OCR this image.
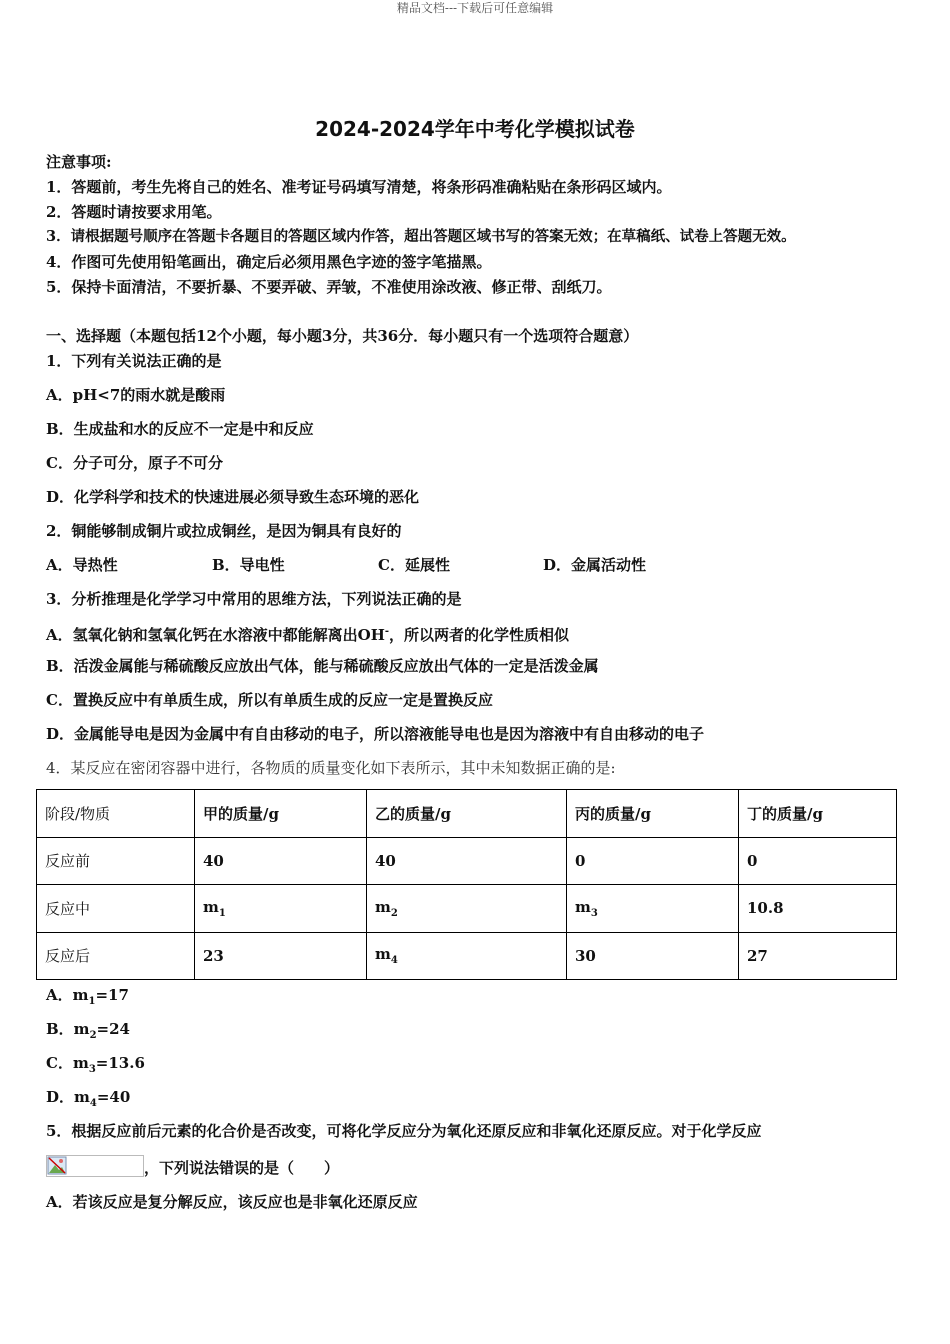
精品文档---下载后可任意编辑
2024-2024学年中考化学模拟试卷
注意事项:
1．答题前，考生先将自己的姓名、准考证号码填写清楚，将条形码准确粘贴在条形码区域内。
2．答题时请按要求用笔。
3．请根据题号顺序在答题卡各题目的答题区域内作答，超出答题区域书写的答案无效；在草稿纸、试卷上答题无效。
4．作图可先使用铅笔画出，确定后必须用黑色字迹的签字笔描黑。
5．保持卡面清洁，不要折暴、不要弄破、弄皱，不准使用涂改液、修正带、刮纸刀。
一、选择题（本题包括12个小题，每小题3分，共36分．每小题只有一个选项符合题意）
1．下列有关说法正确的是
A．pH<7的雨水就是酸雨
B．生成盐和水的反应不一定是中和反应
C．分子可分，原子不可分
D．化学科学和技术的快速进展必须导致生态环境的恶化
2．铜能够制成铜片或拉成铜丝，是因为铜具有良好的
A．导热性	B．导电性	C．延展性	D．金属活动性
3．分析推理是化学学习中常用的思维方法，下列说法正确的是
A．氢氧化钠和氢氧化钙在水溶液中都能解离出OH-，所以两者的化学性质相似
B．活泼金属能与稀硫酸反应放出气体，能与稀硫酸反应放出气体的一定是活泼金属
C．置换反应中有单质生成，所以有单质生成的反应一定是置换反应
D．金属能导电是因为金属中有自由移动的电子，所以溶液能导电也是因为溶液中有自由移动的电子
4．某反应在密闭容器中进行，各物质的质量变化如下表所示，其中未知数据正确的是:
阶段/物质	甲的质量/g	乙的质量/g	丙的质量/g	丁的质量/g
反应前	40	40	0	0
反应中	$m_1$	$m_2$	$m_3$	10.8
反应后	23	$m_4$	30	27
A．$m_1=17$
B．$m_2=24$
C．$m_3=13.6$
D．$m_4=40$
5．根据反应前后元素的化合价是否改变，可将化学反应分为氧化还原反应和非氧化还原反应。对于化学反应
，下列说法错误的是（　　）
A．若该反应是复分解反应，该反应也是非氧化还原反应
